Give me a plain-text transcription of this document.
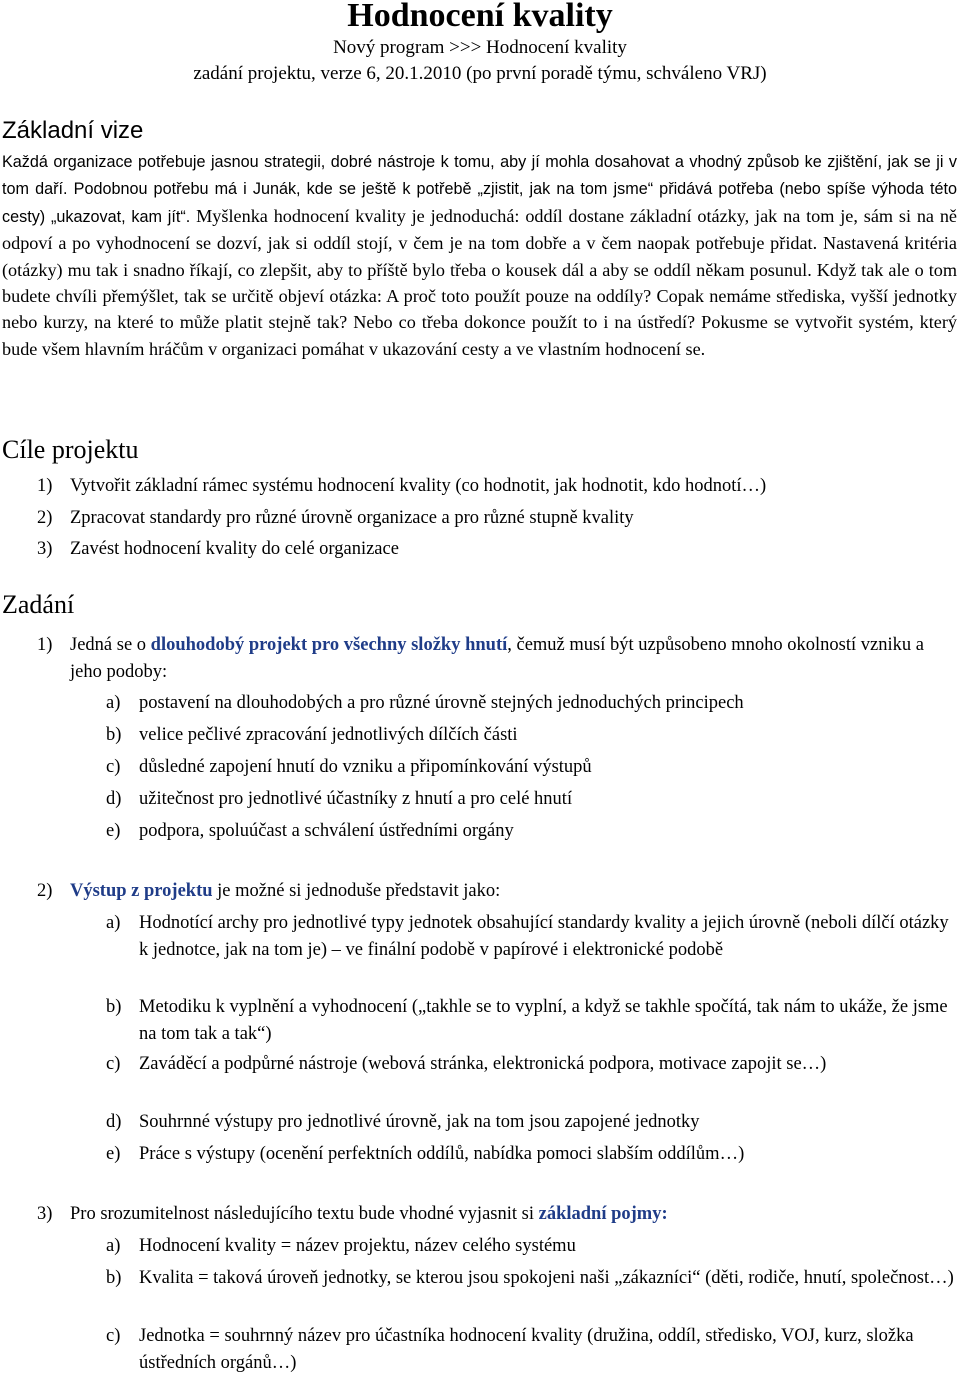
Hodnocení kvality

Nový program >>> Hodnocení kvality

zadání projektu, verze 6, 20.1.2010 (po první poradě týmu, schváleno VRJ)

Základní vize

Každá organizace potřebuje jasnou strategii, dobré nástroje k tomu, aby jí mohla dosahovat a vhodný způsob ke zjištění, jak se ji v tom daří. Podobnou potřebu má i Junák, kde se ještě k potřebě „zjistit, jak na tom jsme“ přidává potřeba (nebo spíše výhoda této cesty) „ukazovat, kam jít“. Myšlenka hodnocení kvality je jednoduchá: oddíl dostane základní otázky, jak na tom je, sám si na ně odpoví a po vyhodnocení se dozví, jak si oddíl stojí, v čem je na tom dobře a v čem naopak potřebuje přidat. Nastavená kritéria (otázky) mu tak i snadno říkají, co zlepšit, aby to příště bylo třeba o kousek dál a aby se oddíl někam posunul. Když tak ale o tom budete chvíli přemýšlet, tak se určitě objeví otázka: A proč toto použít pouze na oddíly? Copak nemáme střediska, vyšší jednotky nebo kurzy, na které to může platit stejně tak? Nebo co třeba dokonce použít to i na ústředí? Pokusme se vytvořit systém, který bude všem hlavním hráčům v organizaci pomáhat v ukazování cesty a ve vlastním hodnocení se.

Cíle projektu
1) Vytvořit základní rámec systému hodnocení kvality (co hodnotit, jak hodnotit, kdo hodnotí…)
2) Zpracovat standardy pro různé úrovně organizace a pro různé stupně kvality
3) Zavést hodnocení kvality do celé organizace
Zadání
1) Jedná se o dlouhodobý projekt pro všechny složky hnutí, čemuž musí být uzpůsobeno mnoho okolností vzniku a jeho podoby:

a) postavení na dlouhodobých a pro různé úrovně stejných jednoduchých principech
b) velice pečlivé zpracování jednotlivých dílčích části
c) důsledné zapojení hnutí do vzniku a připomínkování výstupů
d) užitečnost pro jednotlivé účastníky z hnutí a pro celé hnutí
e) podpora, spoluúčast a schválení ústředními orgány
2) Výstup z projektu je možné si jednoduše představit jako:

a) Hodnotící archy pro jednotlivé typy jednotek obsahující standardy kvality a jejich úrovně (neboli dílčí otázky k jednotce, jak na tom je) – ve finální podobě v papírové i elektronické podobě
b) Metodiku k vyplnění a vyhodnocení („takhle se to vyplní, a když se takhle spočítá, tak nám to ukáže, že jsme na tom tak a tak“)
c) Zaváděcí a podpůrné nástroje (webová stránka, elektronická podpora, motivace zapojit se…)
d) Souhrnné výstupy pro jednotlivé úrovně, jak na tom jsou zapojené jednotky
e) Práce s výstupy (ocenění perfektních oddílů, nabídka pomoci slabším oddílům…)
3) Pro srozumitelnost následujícího textu bude vhodné vyjasnit si základní pojmy:

a) Hodnocení kvality = název projektu, název celého systému
b) Kvalita = taková úroveň jednotky, se kterou jsou spokojeni naši „zákazníci“ (děti, rodiče, hnutí, společnost…)
c) Jednotka = souhrnný název pro účastníka hodnocení kvality (družina, oddíl, středisko, VOJ, kurz, složka ústředních orgánů…)
